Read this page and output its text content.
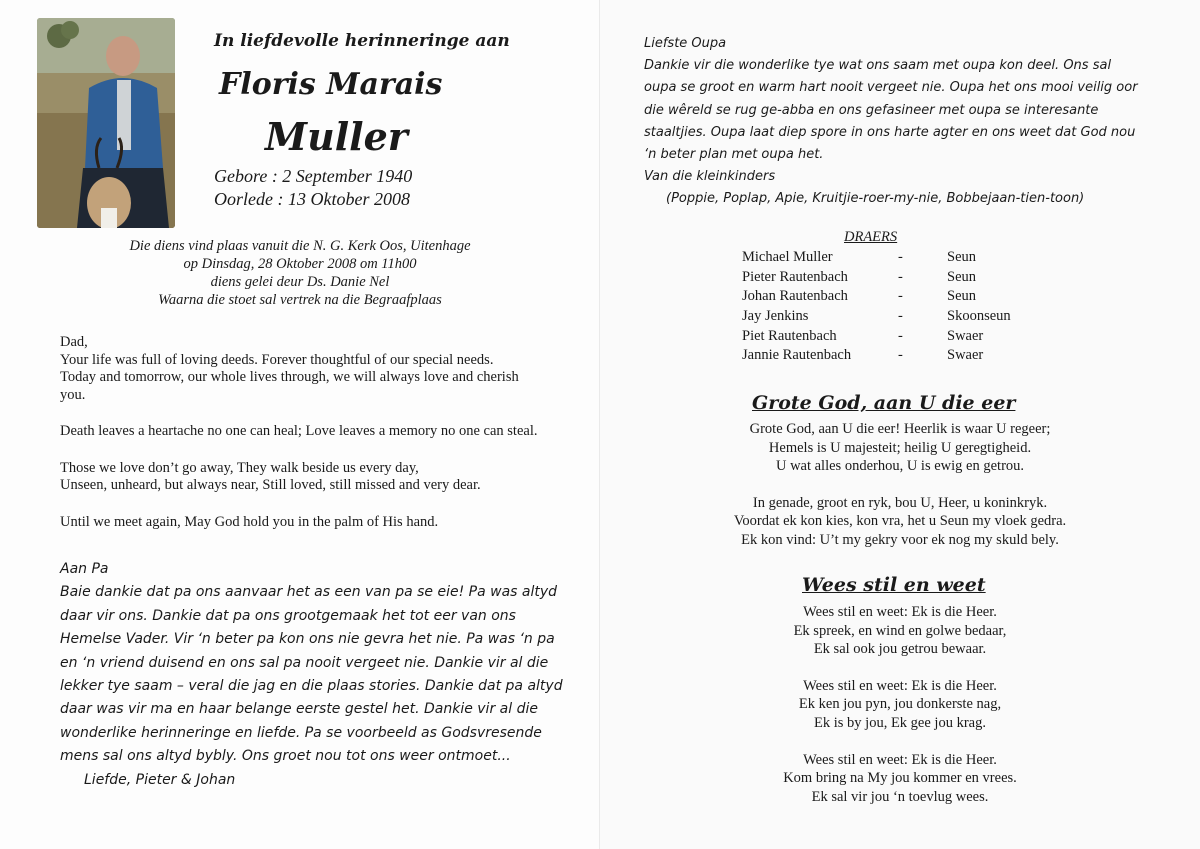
In liefdevolle herinneringe aan
Floris Marais
Muller
Gebore : 2 September 1940
Oorlede : 13 Oktober 2008
Die diens vind plaas vanuit die N. G. Kerk Oos, Uitenhage
op Dinsdag, 28 Oktober 2008 om 11h00
diens gelei deur Ds. Danie Nel
Waarna die stoet sal vertrek na die Begraafplaas

Dad,
Your life was full of loving deeds. Forever thoughtful of our special needs.
Today and tomorrow, our whole lives through, we will always love and cherish
you.

Death leaves a heartache no one can heal; Love leaves a memory no one can steal.

Those we love don’t go away, They walk beside us every day,
Unseen, unheard, but always near, Still loved, still missed and very dear.

Until we meet again, May God hold you in the palm of His hand.

Aan Pa
Baie dankie dat pa ons aanvaar het as een van pa se eie! Pa was altyd
daar vir ons. Dankie dat pa ons grootgemaak het tot eer van ons
Hemelse Vader. Vir ‘n beter pa kon ons nie gevra het nie. Pa was ‘n pa
en ‘n vriend duisend en ons sal pa nooit vergeet nie. Dankie vir al die
lekker tye saam – veral die jag en die plaas stories. Dankie dat pa altyd
daar was vir ma en haar belange eerste gestel het. Dankie vir al die
wonderlike herinneringe en liefde. Pa se voorbeeld as Godsvresende
mens sal ons altyd bybly. Ons groet nou tot ons weer ontmoet...
Liefde, Pieter & Johan
Liefste Oupa
Dankie vir die wonderlike tye wat ons saam met oupa kon deel. Ons sal
oupa se groot en warm hart nooit vergeet nie. Oupa het ons mooi veilig oor
die wêreld se rug ge-abba en ons gefasineer met oupa se interesante
staaltjies. Oupa laat diep spore in ons harte agter en ons weet dat God nou
‘n beter plan met oupa het.
Van die kleinkinders
(Poppie, Poplap, Apie, Kruitjie-roer-my-nie, Bobbejaan-tien-toon)
DRAERS
Michael Muller	-	Seun
Pieter Rautenbach	-	Seun
Johan Rautenbach	-	Seun
Jay Jenkins	-	Skoonseun
Piet Rautenbach	-	Swaer
Jannie Rautenbach	-	Swaer
Grote God, aan U die eer

Grote God, aan U die eer! Heerlik is waar U regeer;
Hemels is U majesteit; heilig U geregtigheid.
U wat alles onderhou, U is ewig en getrou.

In genade, groot en ryk, bou U, Heer, u koninkryk.
Voordat ek kon kies, kon vra, het u Seun my vloek gedra.
Ek kon vind: U’t my gekry voor ek nog my skuld bely.

Wees stil en weet

Wees stil en weet: Ek is die Heer.
Ek spreek, en wind en golwe bedaar,
Ek sal ook jou getrou bewaar.

Wees stil en weet: Ek is die Heer.
Ek ken jou pyn, jou donkerste nag,
Ek is by jou, Ek gee jou krag.

Wees stil en weet: Ek is die Heer.
Kom bring na My jou kommer en vrees.
Ek sal vir jou ‘n toevlug wees.
